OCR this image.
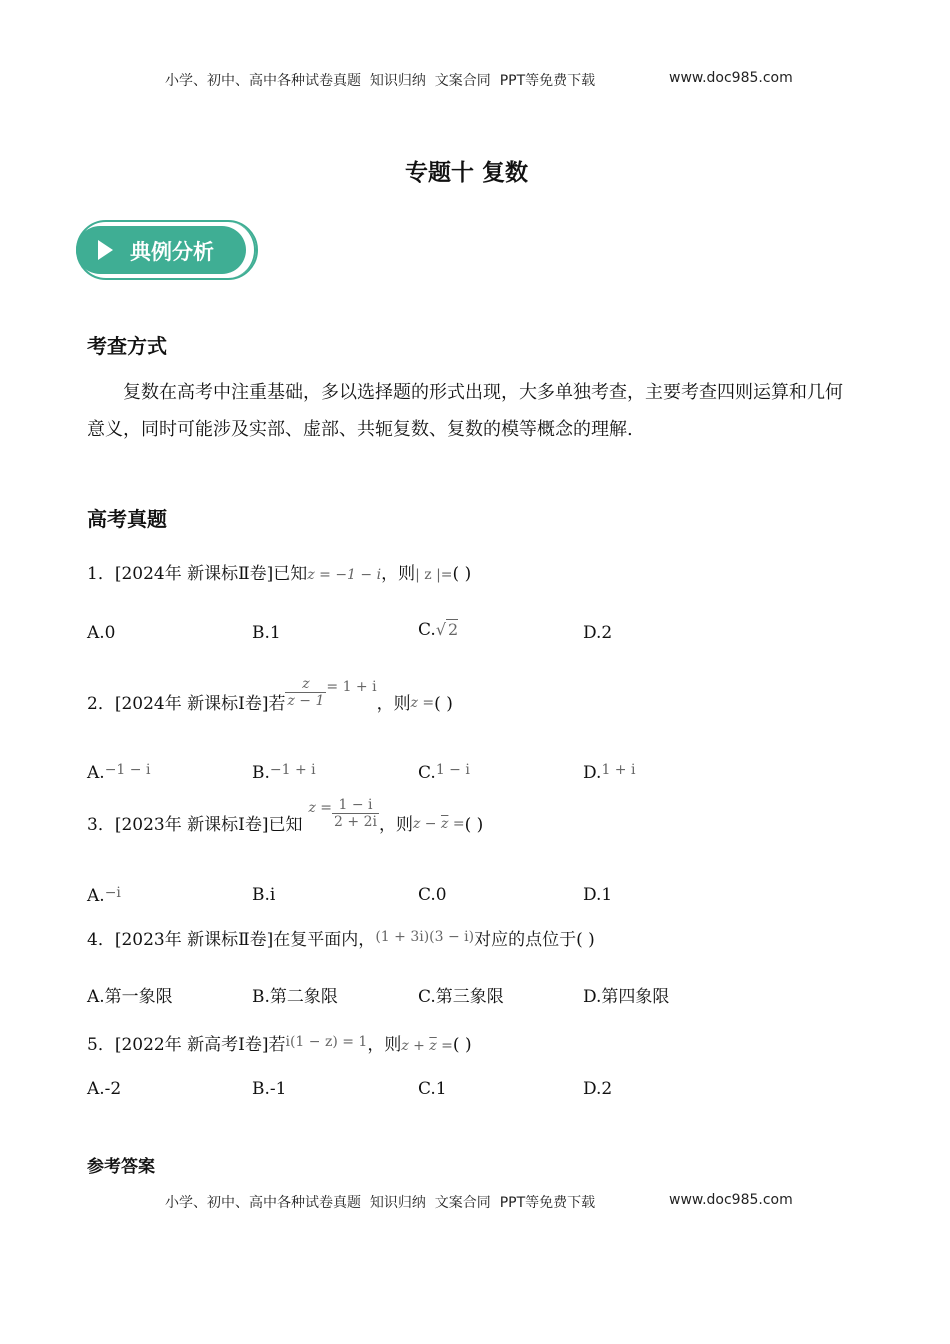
小学、初中、高中各种试卷真题  知识归纳  文案合同  PPT等免费下载	www.doc985.com
专题十 复数
典例分析
考查方式
复数在高考中注重基础，多以选择题的形式出现，大多单独考查，主要考查四则运算和几何意义，同时可能涉及实部、虚部、共轭复数、复数的模等概念的理解.
高考真题
1．[2024年 新课标Ⅱ卷]已知z = −1 − i，则| z |=( )
A.0	B.1	C.√ 2	D.2
2．[2024年 新课标Ⅰ卷]若 $\frac{z}{z - 1} ^{= 1 + i}$，则$_{z =}$( )
A.$^{-1 - i}$	B.$^{-1 + i}$	C.$^{1 - i}$	D.$^{1 + i}$
3．[2023年 新课标Ⅰ卷]已知$^{z =} \frac{1 - i}{2 + 2i}$ ，则$_{z - \overline{z} =}$( )
A.$^{-i}$	B.i	C.0	D.1
4．[2023年 新课标Ⅱ卷]在复平面内，$^{(1 + 3i)(3 - i)}$对应的点位于( )
A.第一象限	B.第二象限	C.第三象限	D.第四象限
5．[2022年 新高考Ⅰ卷]若$^{i(1 - z) = 1}$，则$z + \overline{z}$ =( )
A.-2	B.-1	C.1	D.2
参考答案
小学、初中、高中各种试卷真题  知识归纳  文案合同  PPT等免费下载	www.doc985.com
